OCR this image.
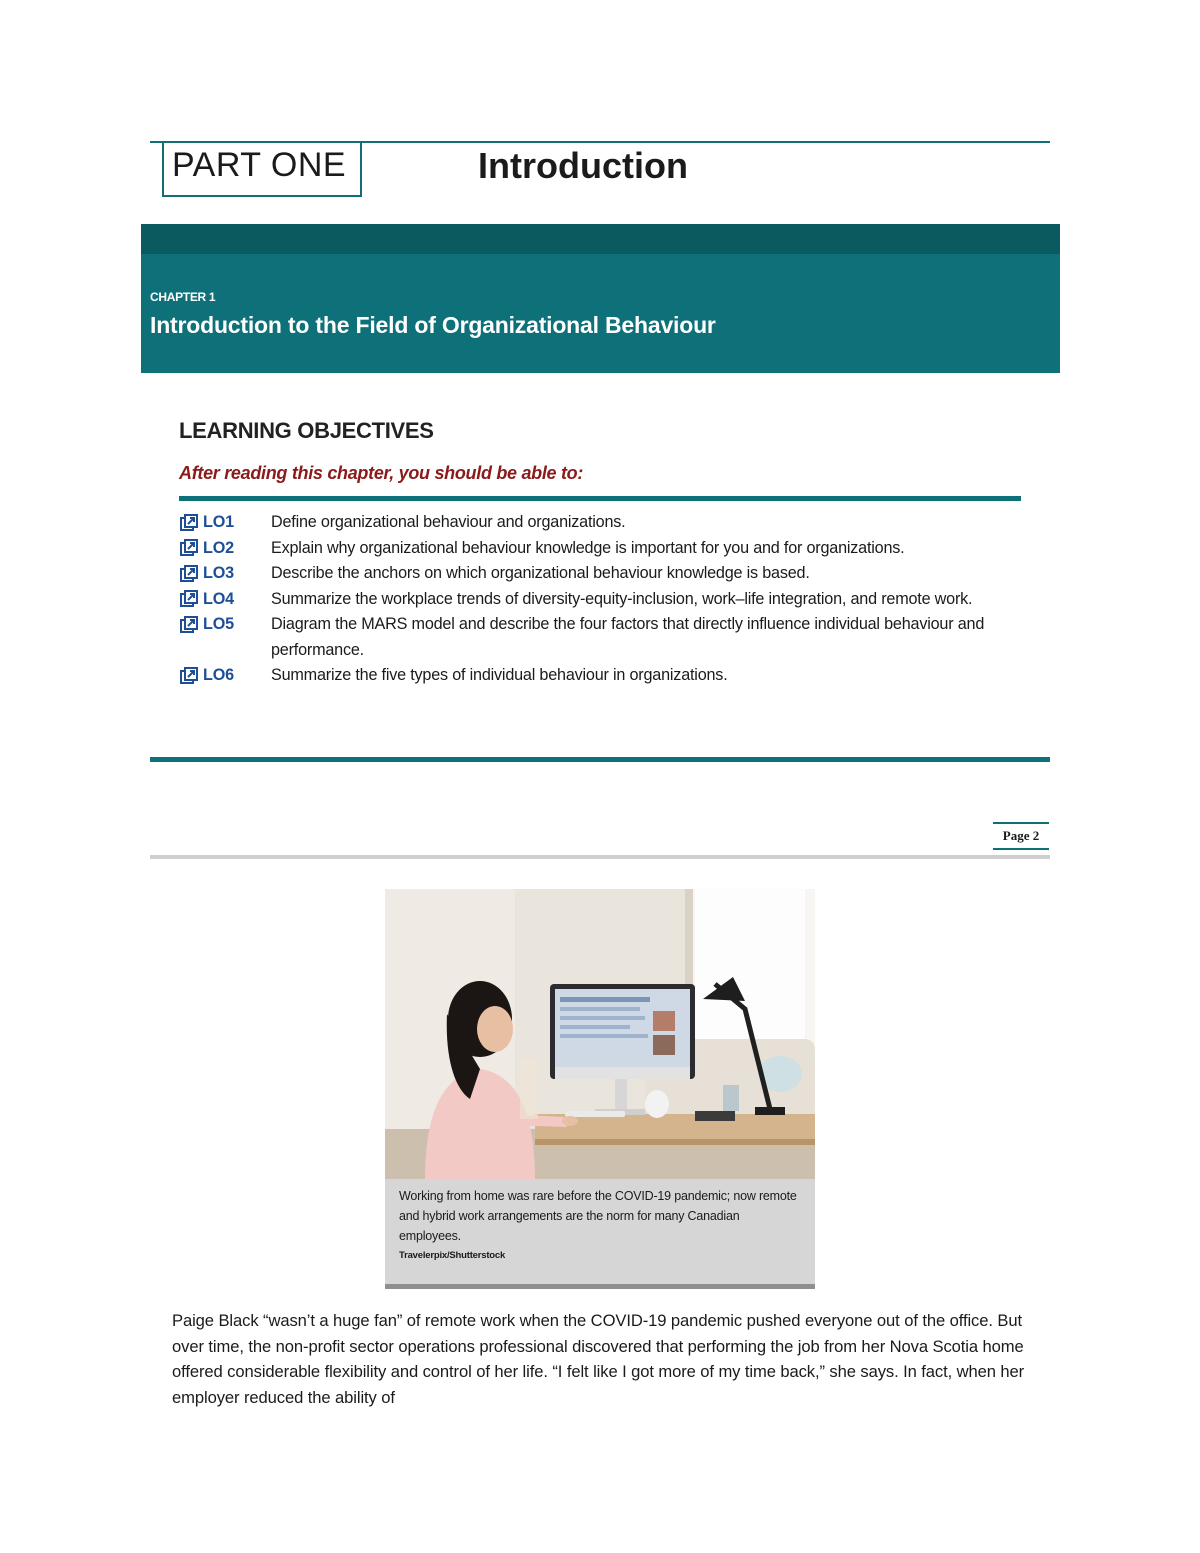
PART ONE	Introduction
CHAPTER 1
Introduction to the Field of Organizational Behaviour
LEARNING OBJECTIVES
After reading this chapter, you should be able to:
LO1 Define organizational behaviour and organizations.
LO2 Explain why organizational behaviour knowledge is important for you and for organizations.
LO3 Describe the anchors on which organizational behaviour knowledge is based.
LO4 Summarize the workplace trends of diversity-equity-inclusion, work–life integration, and remote work.
LO5 Diagram the MARS model and describe the four factors that directly influence individual behaviour and performance.
LO6 Summarize the five types of individual behaviour in organizations.
Page 2
Working from home was rare before the COVID-19 pandemic; now remote and hybrid work arrangements are the norm for many Canadian employees.
Travelerpix/Shutterstock
Paige Black “wasn’t a huge fan” of remote work when the COVID-19 pandemic pushed everyone out of the office. But over time, the non-profit sector operations professional discovered that performing the job from her Nova Scotia home offered considerable flexibility and control of her life. “I felt like I got more of my time back,” she says. In fact, when her employer reduced the ability of
